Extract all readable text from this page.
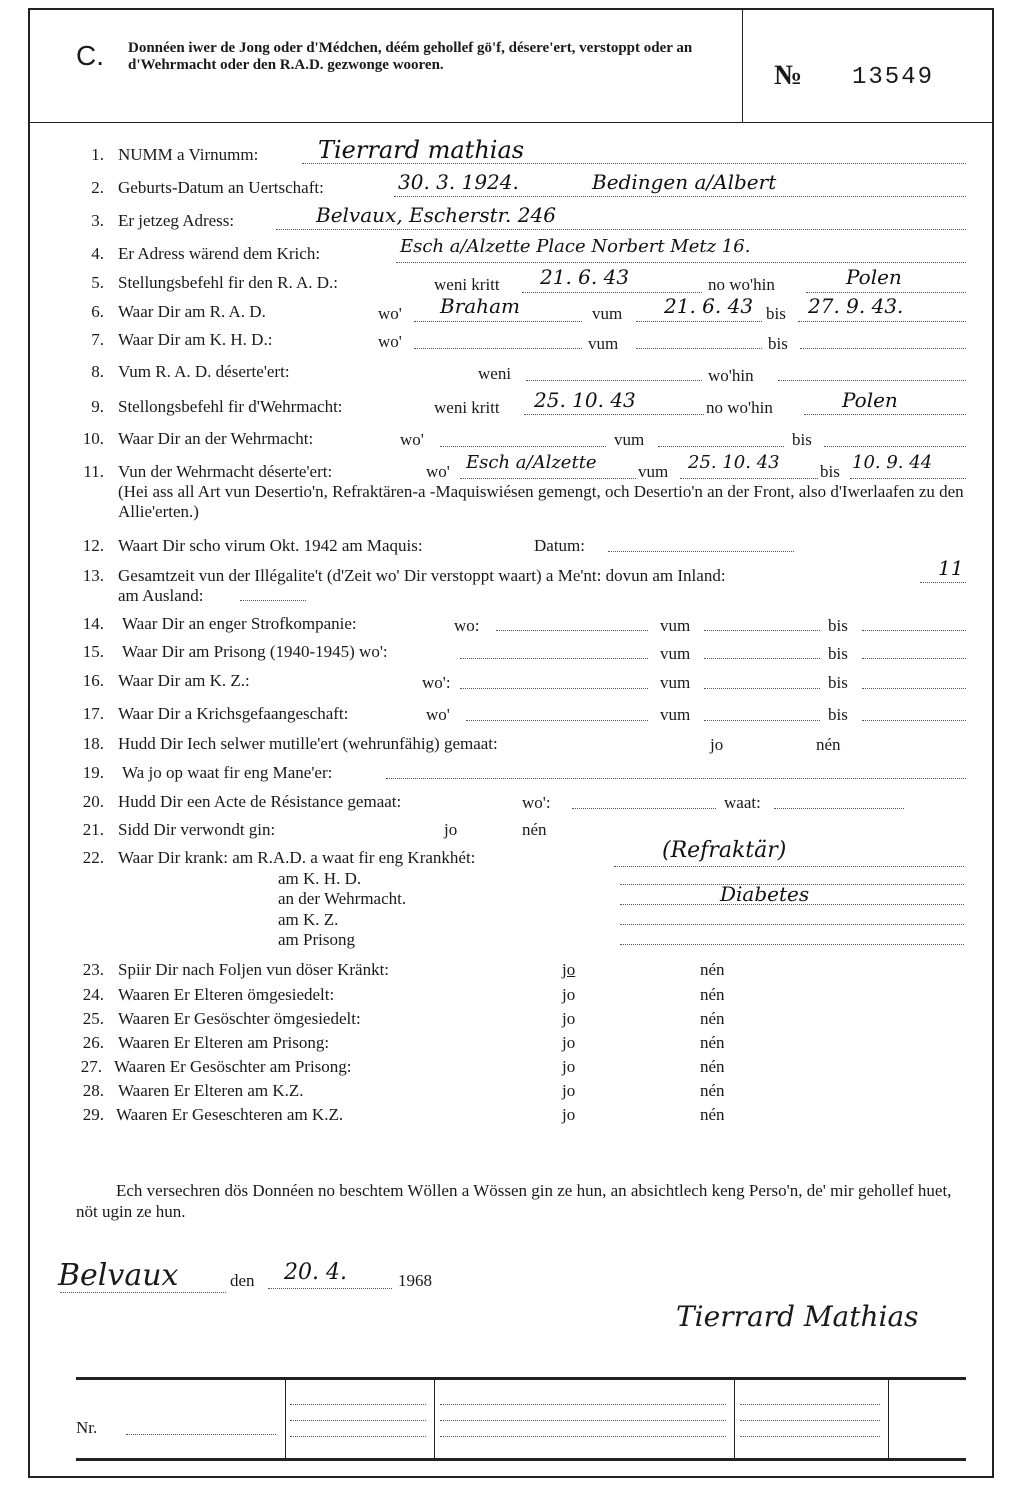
C. Donnéen iwer de Jong oder d'Médchen, déém gehollef gö'f, désere'ert, verstoppt oder an d'Wehrmacht oder den R.A.D. gezwonge wooren.	№ 13549
1. NUMM a Virnumm: Tierrard mathias
2. Geburts-Datum an Uertschaft:	30. 3. 1924.	Bedingen a/Albert
3. Er jetzeg Adress:	Belvaux, Escherstr. 246
4. Er Adress wärend dem Krich:	Esch a/Alzette Place Norbert Metz 16.
5. Stellungsbefehl fir den R. A. D.:	weni kritt 21. 6. 43	no wo'hin	Polen
6. Waar Dir am R. A. D.	wo' Braham	vum 21. 6. 43 bis 27. 9. 43.
7. Waar Dir am K. H. D.:	wo'	vum	bis
8. Vum R. A. D. déserte'ert:	weni	wo'hin
9. Stellongsbefehl fir d'Wehrmacht:	weni kritt 25. 10. 43	no wo'hin	Polen
10. Waar Dir an der Wehrmacht:	wo'	vum	bis
11. Vun der Wehrmacht déserte'ert:	wo' Esch a/Alzette vum 25. 10. 43 bis 10. 9. 44
(Hei ass all Art vun Desertio'n, Refraktären-a -Maquiswiésen gemengt, och Desertio'n an der Front, also d'Iwerlaafen zu den Allie'erten.)
12. Waart Dir scho virum Okt. 1942 am Maquis:	Datum:
13. Gesamtzeit vun der Illégalite't (d'Zeit wo' Dir verstoppt waart) a Me'nt: dovun am Inland:	11
am Ausland:
14. Waar Dir an enger Strofkompanie:	wo:	vum	bis
15. Waar Dir am Prisong (1940-1945) wo':	vum	bis
16. Waar Dir am K. Z.:	wo':	vum	bis
17. Waar Dir a Krichsgefaangeschaft:	wo'	vum	bis
18. Hudd Dir Iech selwer mutille'ert (wehrunfähig) gemaat:	jo	nén
19. Wa jo op waat fir eng Mane'er:
20. Hudd Dir een Acte de Résistance gemaat:	wo':	waat:
21. Sidd Dir verwondt gin:	jo	nén
22. Waar Dir krank: am R.A.D. a waat fir eng Krankhét:	(Refraktär)
am K. H. D.
an der Wehrmacht.	Diabetes
am K. Z.
am Prisong
23. Spiir Dir nach Foljen vun döser Kränkt:	jo	nén
24. Waaren Er Elteren ömgesiedelt:	jo	nén
25. Waaren Er Gesöschter ömgesiedelt:	jo	nén
26. Waaren Er Elteren am Prisong:	jo	nén
27. Waaren Er Gesöschter am Prisong:	jo	nén
28. Waaren Er Elteren am K.Z.	jo	nén
29. Waaren Er Geseschteren am K.Z.	jo	nén
Ech versechren dös Donnéen no beschtem Wöllen a Wössen gin ze hun, an absichtlech keng Perso'n, de' mir gehollef huet, nöt ugin ze hun.
Belvaux	den 20. 4.	1968
Tierrard Mathias
Nr.
